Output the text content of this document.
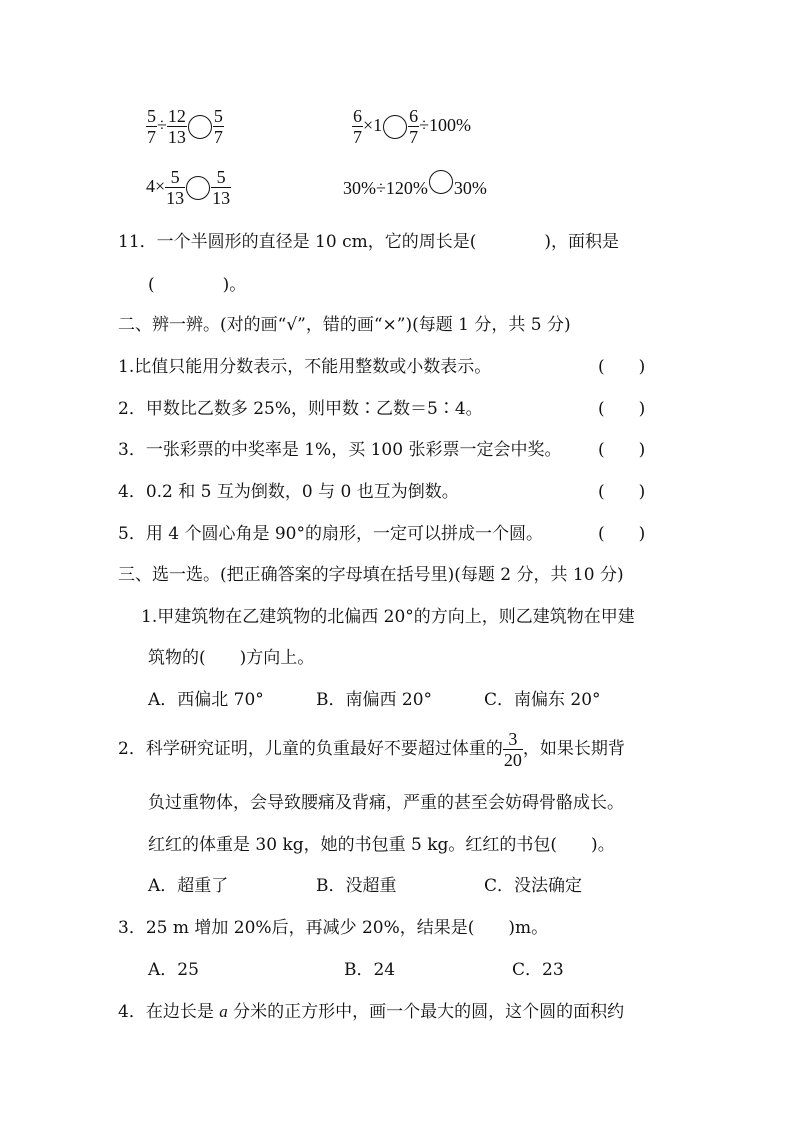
$\frac{5}{7} \div \frac{12}{13} \frac{5}{7}$	$\frac{6}{7} \times 1 \frac{6}{7} \div 100\%$
$4\times \frac{5}{13} \frac{5}{13}$	30%÷120% 30%
11．一个半圆形的直径是 10 cm，它的周长是(　　　　)，面积是
(　　　　)。
二、辨一辨。(对的画“√”，错的画“×”)(每题 1 分，共 5 分)
1.比值只能用分数表示，不能用整数或小数表示。	(　　)
2．甲数比乙数多 25%，则甲数∶乙数＝5∶4。	(　　)
3．一张彩票的中奖率是 1%，买 100 张彩票一定会中奖。 (　　)
4．0.2 和 5 互为倒数，0 与 0 也互为倒数。	(　　)
5．用 4 个圆心角是 90°的扇形，一定可以拼成一个圆。	(　　)
三、选一选。(把正确答案的字母填在括号里)(每题 2 分，共 10 分)
1.甲建筑物在乙建筑物的北偏西 20°的方向上，则乙建筑物在甲建
筑物的(　　)方向上。
A．西偏北 70°	B．南偏西 20°	C．南偏东 20°
2．科学研究证明，儿童的负重最好不要超过体重的 $\frac{3}{20}$ ，如果长期背
负过重物体，会导致腰痛及背痛，严重的甚至会妨碍骨骼成长。
红红的体重是 30 kg，她的书包重 5 kg。红红的书包(　　)。
A．超重了	B．没超重	C．没法确定
3．25 m 增加 20%后，再减少 20%，结果是(　　)m。
A．25	B．24	C．23
4．在边长是 a 分米的正方形中，画一个最大的圆，这个圆的面积约
